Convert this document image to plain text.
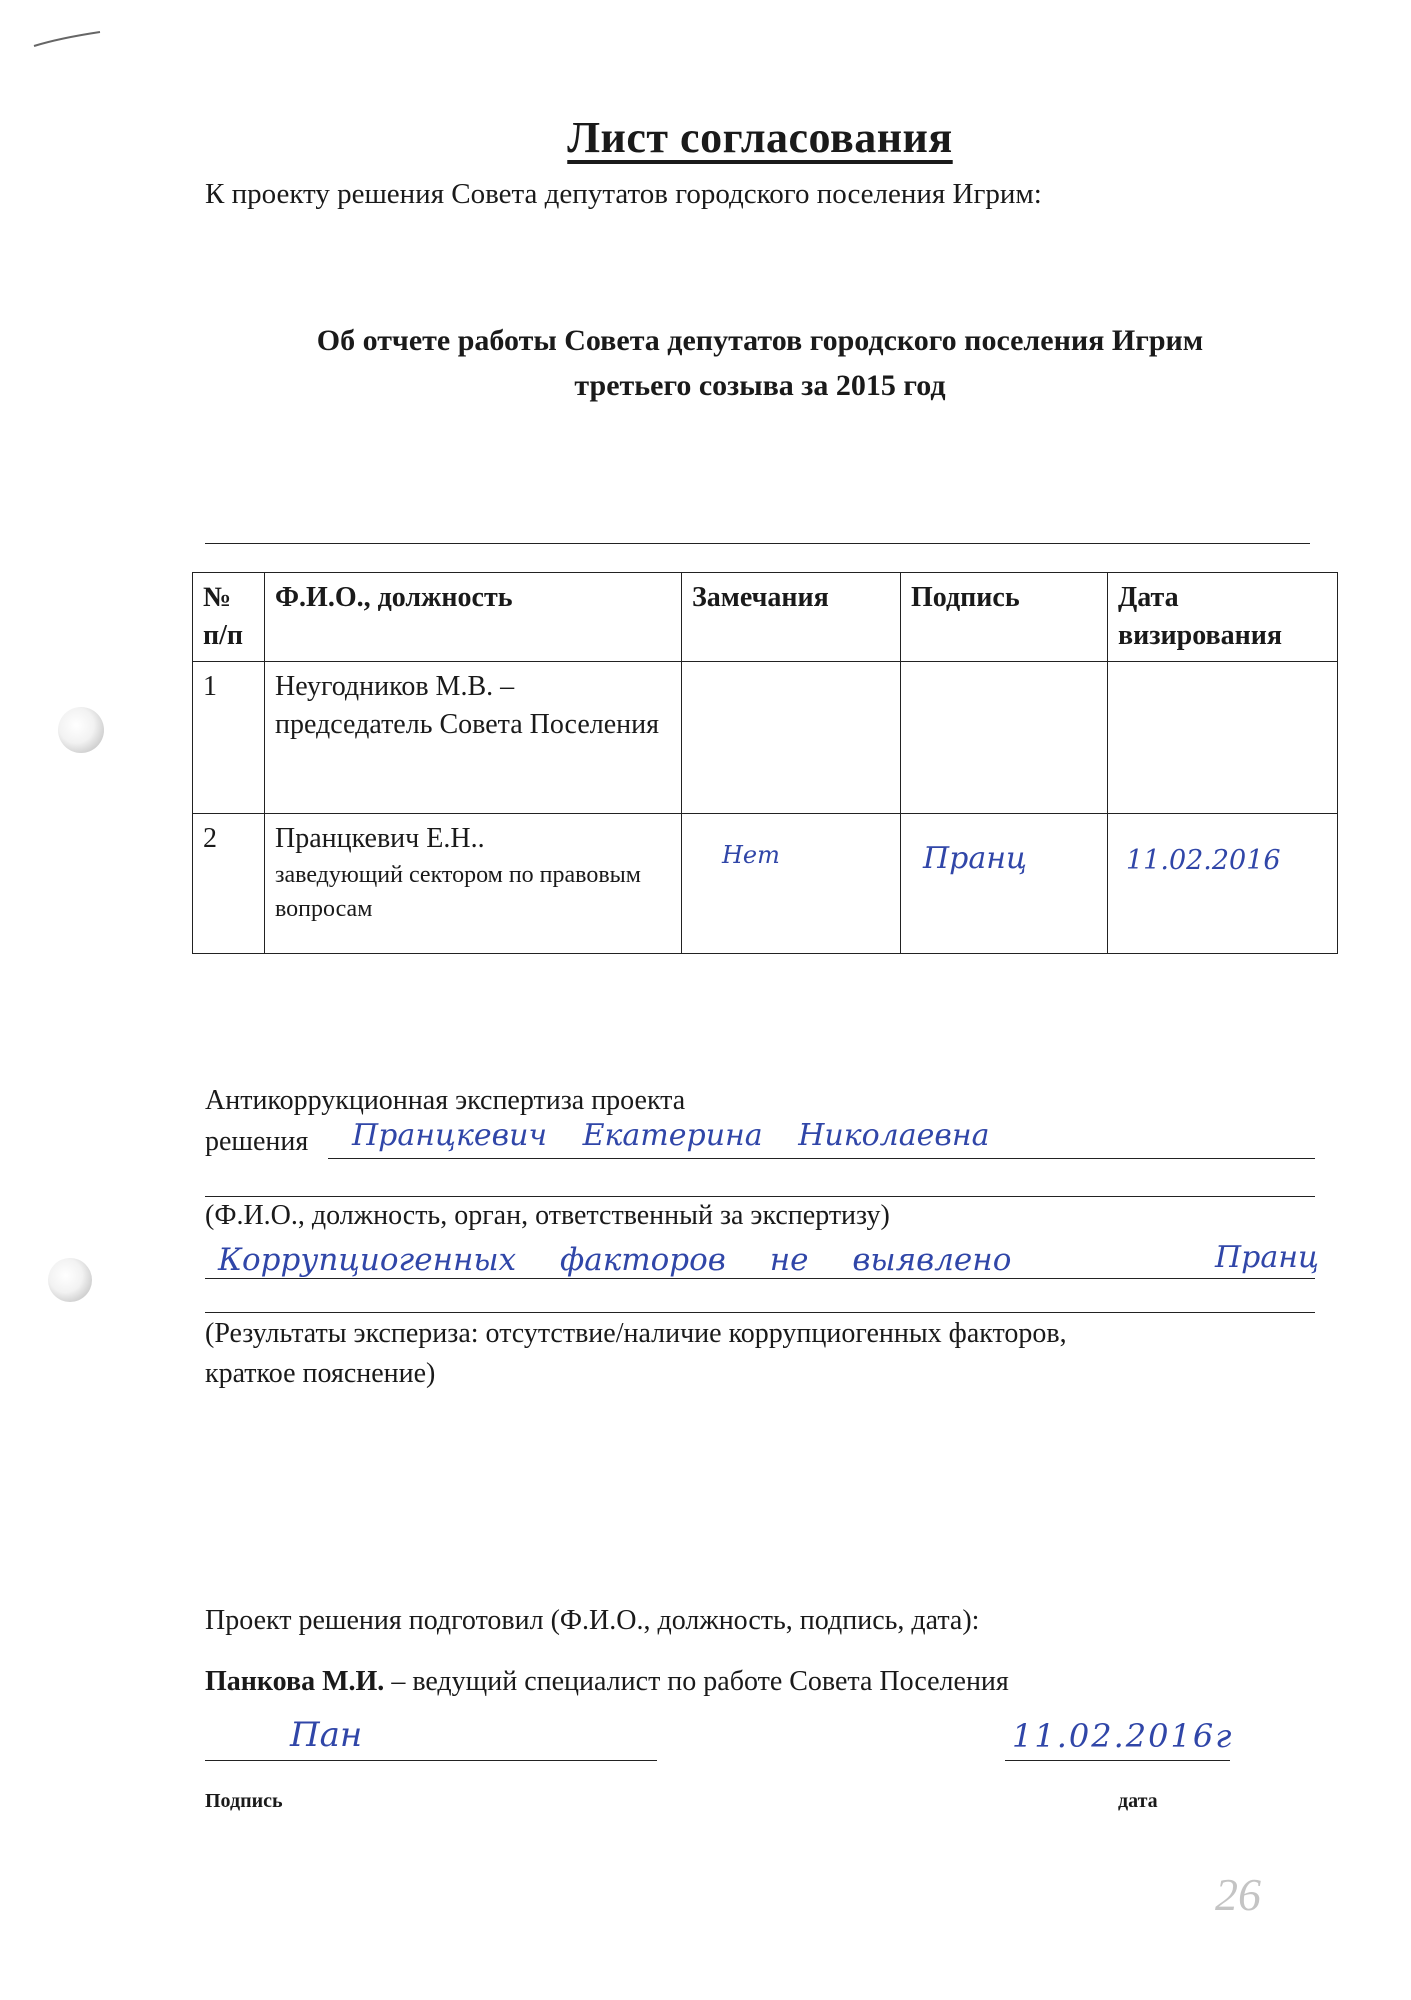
Лист согласования
К проекту решения Совета депутатов городского поселения Игрим:
Об отчете работы Совета депутатов городского поселения Игрим
третьего созыва за 2015 год
№ п/п	Ф.И.О., должность	Замечания	Подпись	Дата визирования
1	Неугодников М.В. –
председатель Совета Поселения			
2	Пранцкевич Е.Н..
заведующий сектором по правовым вопросам	Нет	Пранц	11.02.2016
Антикоррукционная экспертиза проекта
решения Пранцкевич Екатерина Николаевна
(Ф.И.О., должность, орган, ответственный за экспертизу)
Коррупциогенных факторов не выявлено	Пранц
(Результаты экспериза: отсутствие/наличие коррупциогенных факторов,
краткое пояснение)
Проект решения подготовил (Ф.И.О., должность, подпись, дата):
Панкова М.И. – ведущий специалист по работе Совета Поселения
Пан	11.02.2016г
Подпись	дата
26
